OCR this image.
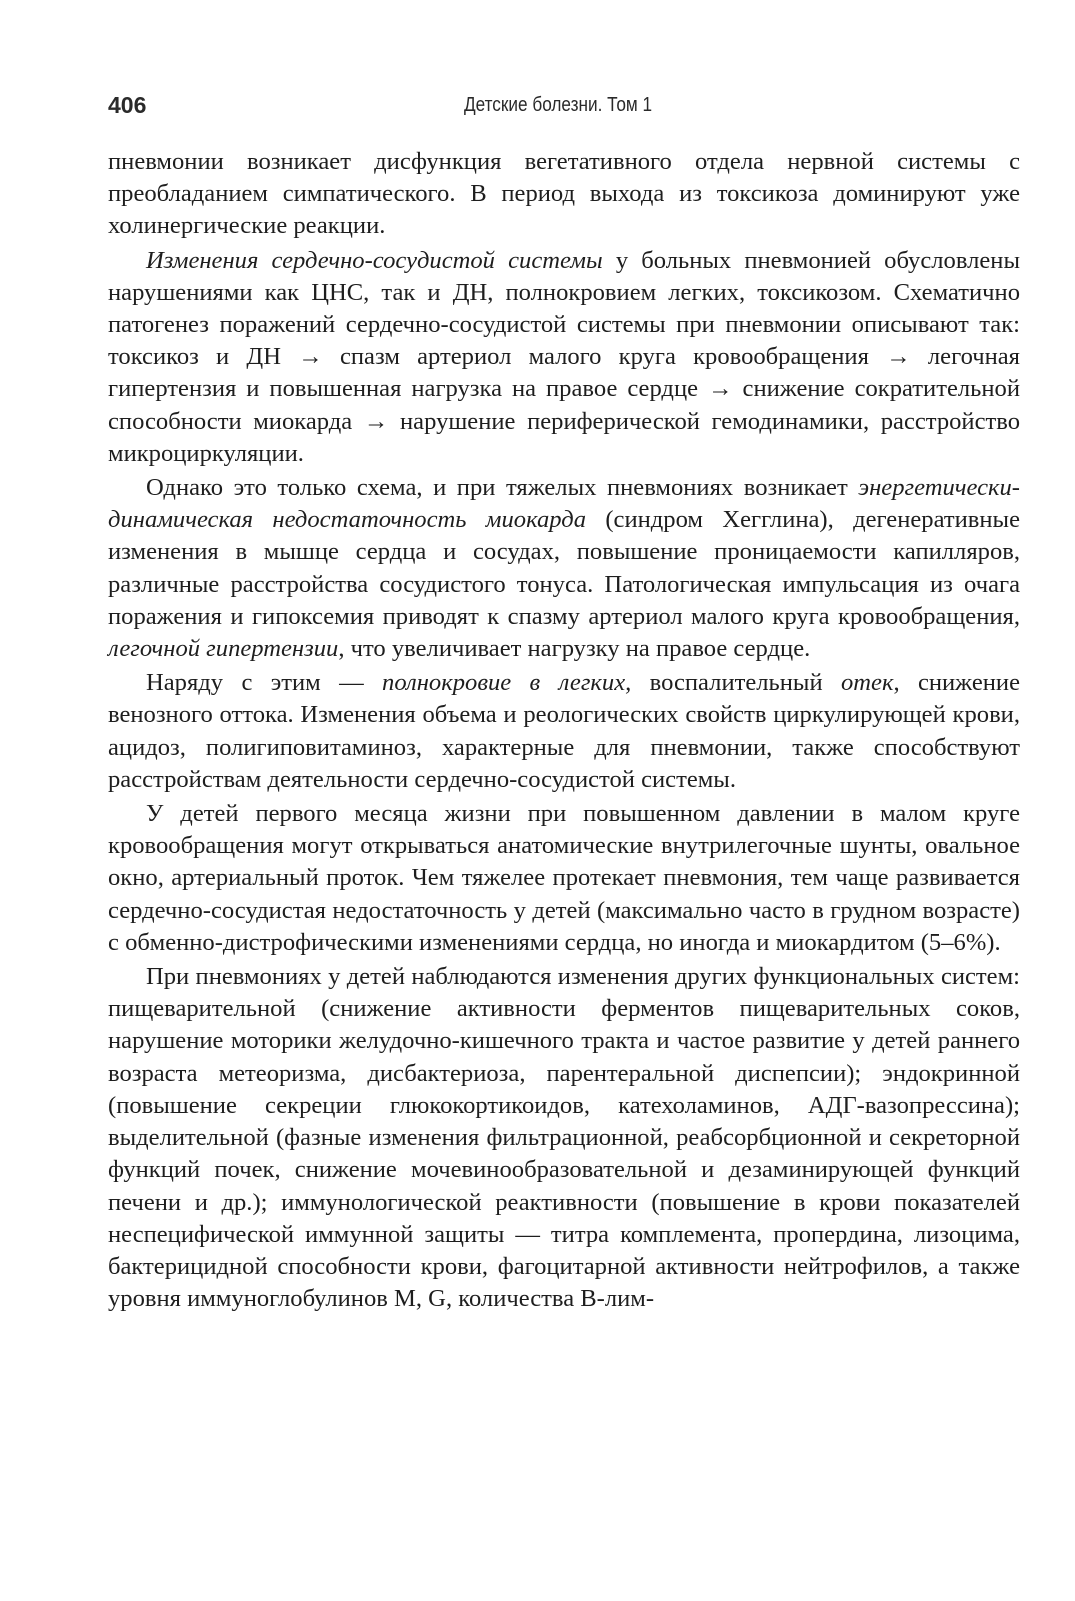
406	Детские болезни. Том 1

пневмонии возникает дисфункция вегетативного отдела нервной системы с преобладанием симпатического. В период выхода из токсикоза доминируют уже холинергические реакции.

Изменения сердечно-сосудистой системы у больных пневмонией обусловлены нарушениями как ЦНС, так и ДН, полнокровием легких, токсикозом. Схематично патогенез поражений сердечно-сосудистой системы при пневмонии описывают так: токсикоз и ДН → спазм артериол малого круга кровообращения → легочная гипертензия и повышенная нагрузка на правое сердце → снижение сократительной способности миокарда → нарушение периферической гемодинамики, расстройство микроциркуляции.

Однако это только схема, и при тяжелых пневмониях возникает энергетически-динамическая недостаточность миокарда (синдром Хегглина), дегенеративные изменения в мышце сердца и сосудах, повышение проницаемости капилляров, различные расстройства сосудистого тонуса. Патологическая импульсация из очага поражения и гипоксемия приводят к спазму артериол малого круга кровообращения, легочной гипертензии, что увеличивает нагрузку на правое сердце.

Наряду с этим — полнокровие в легких, воспалительный отек, снижение венозного оттока. Изменения объема и реологических свойств циркулирующей крови, ацидоз, полигиповитаминоз, характерные для пневмонии, также способствуют расстройствам деятельности сердечно-сосудистой системы.

У детей первого месяца жизни при повышенном давлении в малом круге кровообращения могут открываться анатомические внутрилегочные шунты, овальное окно, артериальный проток. Чем тяжелее протекает пневмония, тем чаще развивается сердечно-сосудистая недостаточность у детей (максимально часто в грудном возрасте) с обменно-дистрофическими изменениями сердца, но иногда и миокардитом (5–6%).

При пневмониях у детей наблюдаются изменения других функциональных систем: пищеварительной (снижение активности ферментов пищеварительных соков, нарушение моторики желудочно-кишечного тракта и частое развитие у детей раннего возраста метеоризма, дисбактериоза, парентеральной диспепсии); эндокринной (повышение секреции глюкокортикоидов, катехоламинов, АДГ-вазопрессина); выделительной (фазные изменения фильтрационной, реабсорбционной и секреторной функций почек, снижение мочевинообразовательной и дезаминирующей функций печени и др.); иммунологической реактивности (повышение в крови показателей неспецифической иммунной защиты — титра комплемента, пропердина, лизоцима, бактерицидной способности крови, фагоцитарной активности нейтрофилов, а также уровня иммуноглобулинов M, G, количества B-лим-
